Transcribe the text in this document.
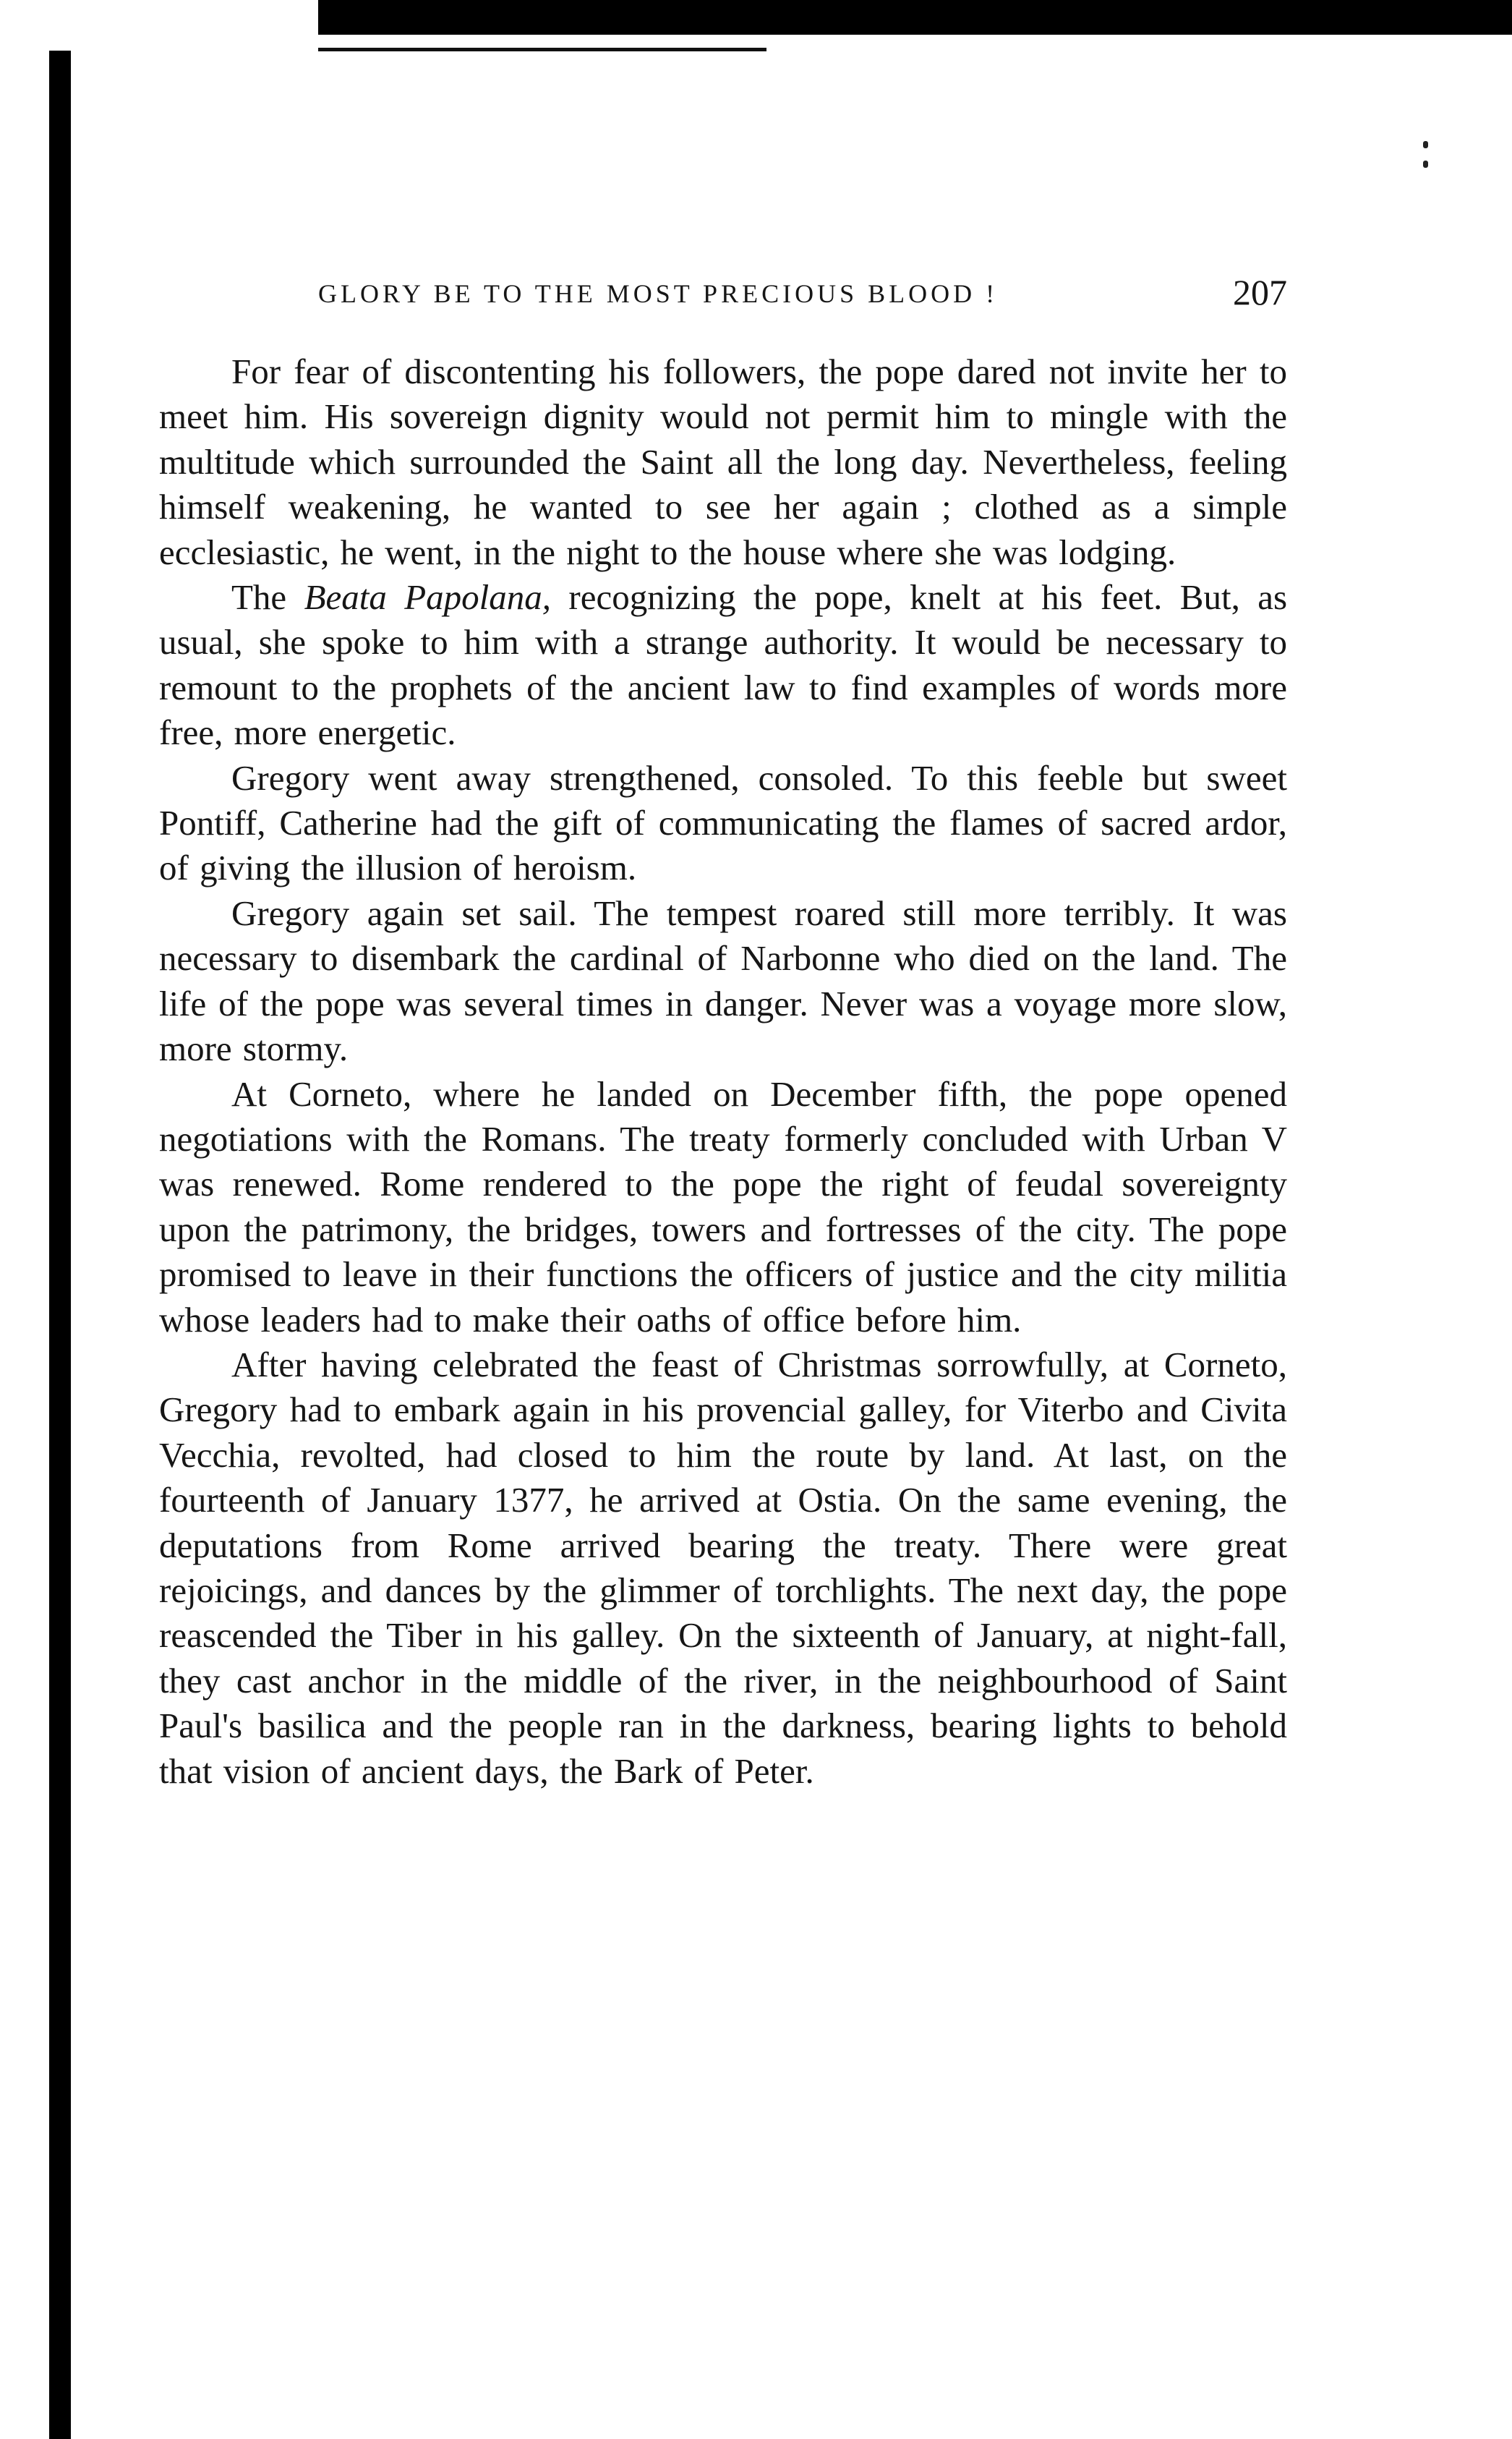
GLORY BE TO THE MOST PRECIOUS BLOOD !	207

For fear of discontenting his followers, the pope dared not invite her to meet him. His sovereign dignity would not permit him to mingle with the multitude which surrounded the Saint all the long day. Nevertheless, feeling himself weakening, he wanted to see her again ; clothed as a simple ecclesiastic, he went, in the night to the house where she was lodging.

The Beata Papolana, recognizing the pope, knelt at his feet. But, as usual, she spoke to him with a strange authority. It would be necessary to remount to the prophets of the ancient law to find examples of words more free, more energetic.

Gregory went away strengthened, consoled. To this feeble but sweet Pontiff, Catherine had the gift of communicating the flames of sacred ardor, of giving the illusion of heroism.

Gregory again set sail. The tempest roared still more terribly. It was necessary to disembark the cardinal of Narbonne who died on the land. The life of the pope was several times in danger. Never was a voyage more slow, more stormy.

At Corneto, where he landed on December fifth, the pope opened negotiations with the Romans. The treaty formerly concluded with Urban V was renewed. Rome rendered to the pope the right of feudal sovereignty upon the patrimony, the bridges, towers and fortresses of the city. The pope promised to leave in their functions the officers of justice and the city militia whose leaders had to make their oaths of office before him.

After having celebrated the feast of Christmas sorrowfully, at Corneto, Gregory had to embark again in his provencial galley, for Viterbo and Civita Vecchia, revolted, had closed to him the route by land. At last, on the fourteenth of January 1377, he arrived at Ostia. On the same evening, the deputations from Rome arrived bearing the treaty. There were great rejoicings, and dances by the glimmer of torchlights. The next day, the pope reascended the Tiber in his galley. On the sixteenth of January, at night-fall, they cast anchor in the middle of the river, in the neighbourhood of Saint Paul's basilica and the people ran in the darkness, bearing lights to behold that vision of ancient days, the Bark of Peter.
